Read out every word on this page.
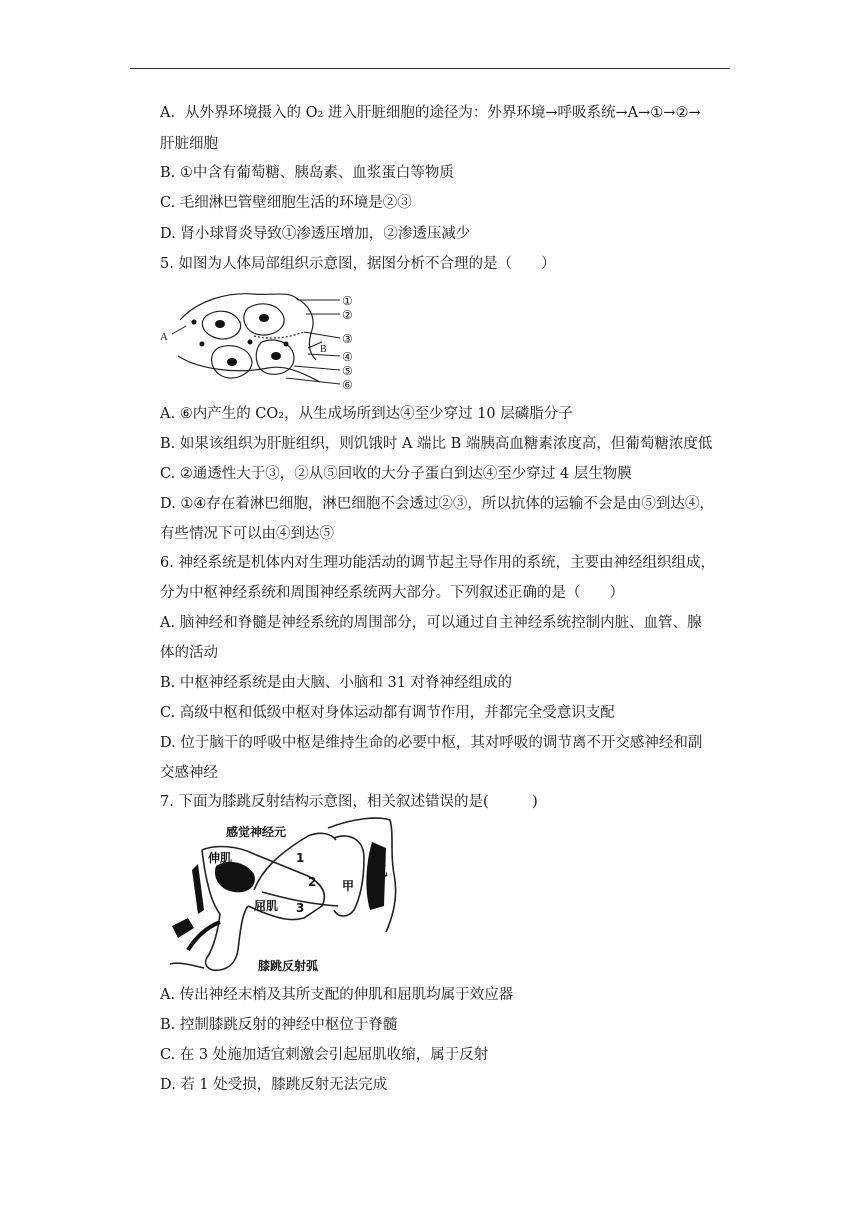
A．从外界环境摄入的 O₂ 进入肝脏细胞的途径为：外界环境→呼吸系统→A→①→②→
肝脏细胞
B. ①中含有葡萄糖、胰岛素、血浆蛋白等物质
C. 毛细淋巴管壁细胞生活的环境是②③
D. 肾小球肾炎导致①渗透压增加，②渗透压减少
5. 如图为人体局部组织示意图，据图分析不合理的是（　　）
A
B
①
②
③
④
⑤
⑥
A. ⑥内产生的 CO₂，从生成场所到达④至少穿过 10 层磷脂分子
B. 如果该组织为肝脏组织，则饥饿时 A 端比 B 端胰高血糖素浓度高，但葡萄糖浓度低
C. ②通透性大于③，②从⑤回收的大分子蛋白到达④至少穿过 4 层生物膜
D. ①④存在着淋巴细胞，淋巴细胞不会透过②③，所以抗体的运输不会是由⑤到达④，
有些情况下可以由④到达⑤
6. 神经系统是机体内对生理功能活动的调节起主导作用的系统，主要由神经组织组成，
分为中枢神经系统和周围神经系统两大部分。下列叙述正确的是（　　）
A. 脑神经和脊髓是神经系统的周围部分，可以通过自主神经系统控制内脏、血管、腺
体的活动
B. 中枢神经系统是由大脑、小脑和 31 对脊神经组成的
C. 高级中枢和低级中枢对身体运动都有调节作用，并都完全受意识支配
D. 位于脑干的呼吸中枢是维持生命的必要中枢，其对呼吸的调节离不开交感神经和副
交感神经
7. 下面为膝跳反射结构示意图，相关叙述错误的是(　　　)
感觉神经元
伸肌
屈肌
1
2
3
甲
乙
膝跳反射弧
A. 传出神经末梢及其所支配的伸肌和屈肌均属于效应器
B. 控制膝跳反射的神经中枢位于脊髓
C. 在 3 处施加适宜刺激会引起屈肌收缩，属于反射
D. 若 1 处受损，膝跳反射无法完成
